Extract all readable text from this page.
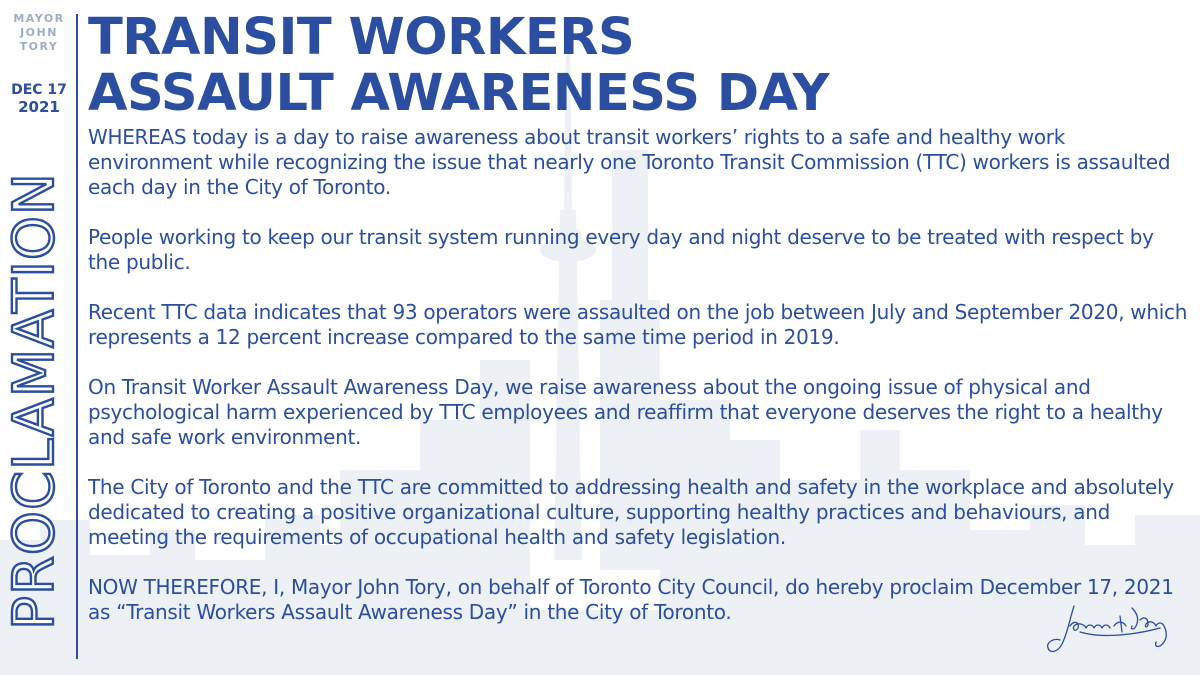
MAYOR
JOHN
TORY
DEC 17
2021
PROCLAMATION
TRANSIT WORKERS
ASSAULT AWARENESS DAY

WHEREAS today is a day to raise awareness about transit workers’ rights to a safe and healthy work environment while recognizing the issue that nearly one Toronto Transit Commission (TTC) workers is assaulted each day in the City of Toronto.

People working to keep our transit system running every day and night deserve to be treated with respect by the public.

Recent TTC data indicates that 93 operators were assaulted on the job between July and September 2020, which represents a 12 percent increase compared to the same time period in 2019.

On Transit Worker Assault Awareness Day, we raise awareness about the ongoing issue of physical and psychological harm experienced by TTC employees and reaffirm that everyone deserves the right to a healthy and safe work environment.

The City of Toronto and the TTC are committed to addressing health and safety in the workplace and absolutely dedicated to creating a positive organizational culture, supporting healthy practices and behaviours, and meeting the requirements of occupational health and safety legislation.

NOW THEREFORE, I, Mayor John Tory, on behalf of Toronto City Council, do hereby proclaim December 17, 2021 as “Transit Workers Assault Awareness Day” in the City of Toronto.
